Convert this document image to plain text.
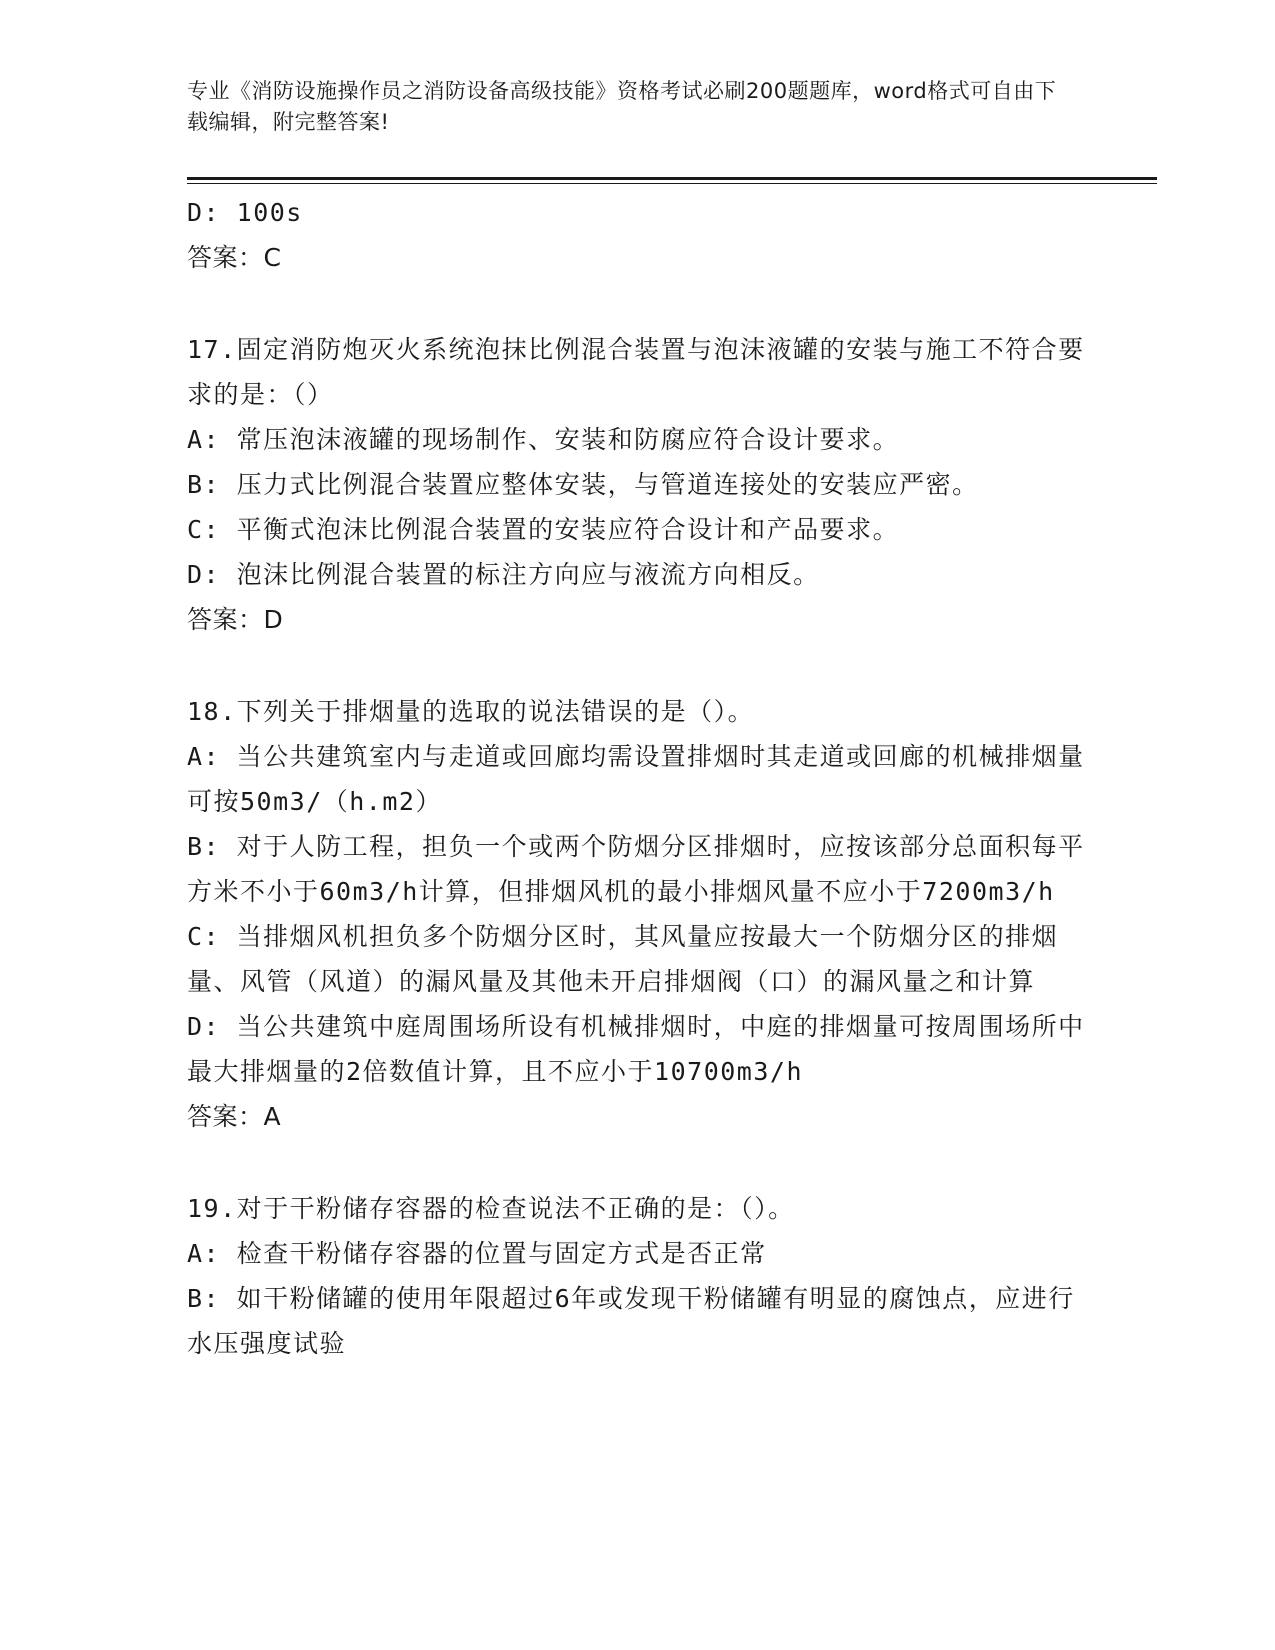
专业《消防设施操作员之消防设备高级技能》资格考试必刷200题题库，word格式可自由下载编辑，附完整答案!
D: 100s
答案：C
17.固定消防炮灭火系统泡抹比例混合装置与泡沫液罐的安装与施工不符合要求的是：（）
A: 常压泡沫液罐的现场制作、安装和防腐应符合设计要求。
B: 压力式比例混合装置应整体安装，与管道连接处的安装应严密。
C: 平衡式泡沫比例混合装置的安装应符合设计和产品要求。
D: 泡沫比例混合装置的标注方向应与液流方向相反。
答案：D
18.下列关于排烟量的选取的说法错误的是（）。
A: 当公共建筑室内与走道或回廊均需设置排烟时其走道或回廊的机械排烟量可按50m3/（h.m2）
B: 对于人防工程，担负一个或两个防烟分区排烟时，应按该部分总面积每平方米不小于60m3/h计算，但排烟风机的最小排烟风量不应小于7200m3/h
C: 当排烟风机担负多个防烟分区时，其风量应按最大一个防烟分区的排烟量、风管（风道）的漏风量及其他未开启排烟阀（口）的漏风量之和计算
D: 当公共建筑中庭周围场所设有机械排烟时，中庭的排烟量可按周围场所中最大排烟量的2倍数值计算，且不应小于10700m3/h
答案：A
19.对于干粉储存容器的检查说法不正确的是：（）。
A: 检查干粉储存容器的位置与固定方式是否正常
B: 如干粉储罐的使用年限超过6年或发现干粉储罐有明显的腐蚀点，应进行水压强度试验
